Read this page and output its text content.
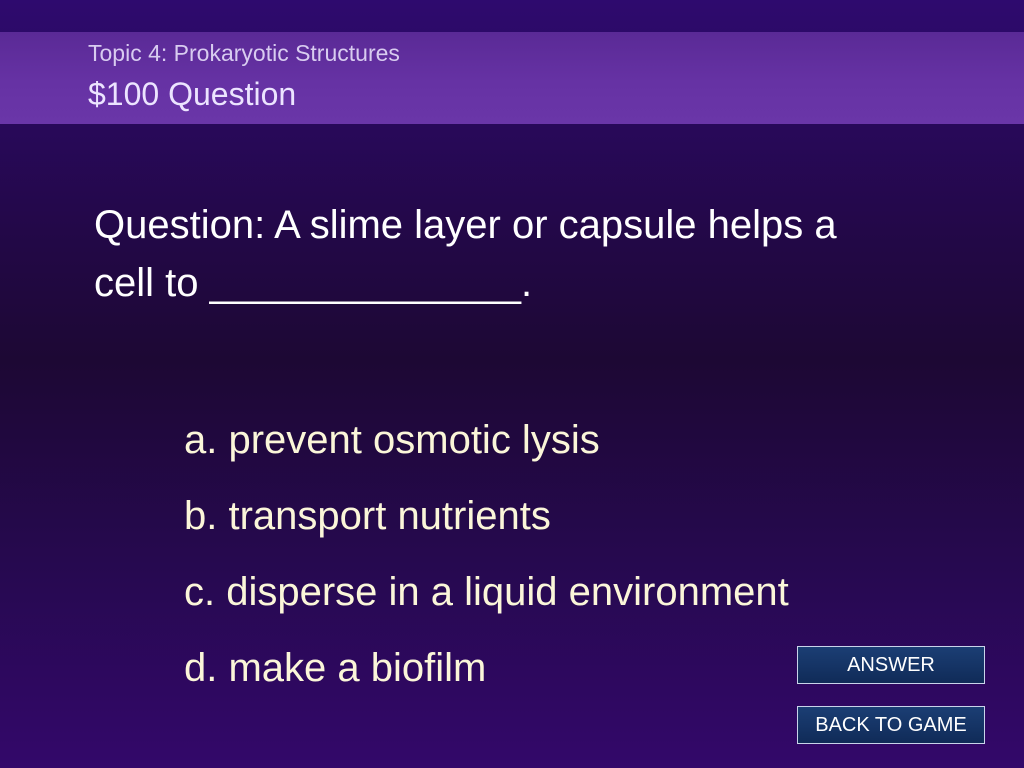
Topic 4: Prokaryotic Structures
$100 Question
Question: A slime layer or capsule helps a
cell to ______________.
a. prevent osmotic lysis
b. transport nutrients
c. disperse in a liquid environment
d. make a biofilm	ANSWER
BACK TO GAME
